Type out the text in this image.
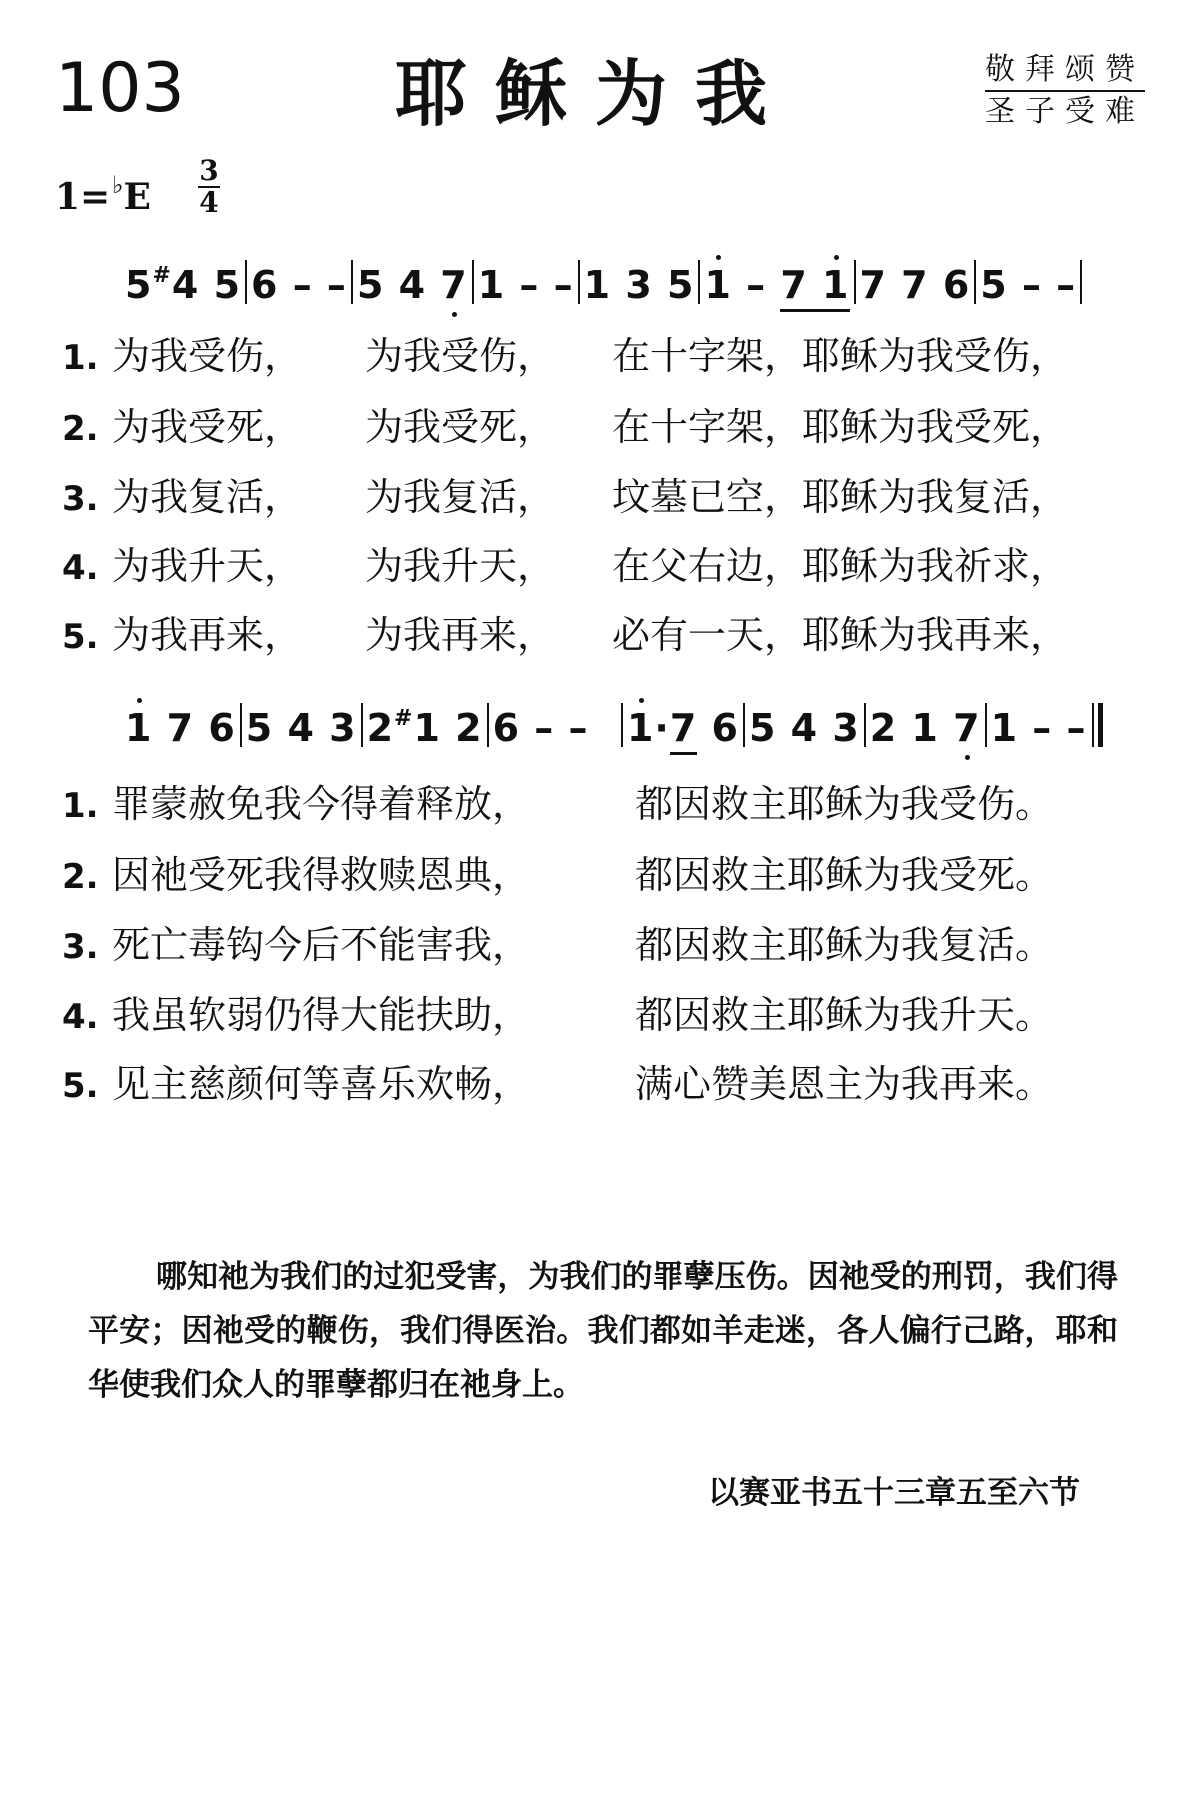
103	耶稣为我	敬拜颂赞
圣子受难
1=♭E
3
4
5#4 5 6 – – 5 4 7 1 – – 1 3 5 1 – 7 1 7 7 6 5 – –
1. 为我受伤， 为我受伤， 在十字架，耶稣为我受伤，
2. 为我受死， 为我受死， 在十字架，耶稣为我受死，
3. 为我复活， 为我复活， 坟墓已空，耶稣为我复活，
4. 为我升天， 为我升天， 在父右边，耶稣为我祈求，
5. 为我再来， 为我再来， 必有一天，耶稣为我再来，
1 7 6 5 4 3 2#1 2 6 – – 1·7 6 5 4 3 2 1 7 1 – –
1. 罪蒙赦免我今得着释放，	都因救主耶稣为我受伤。
2. 因祂受死我得救赎恩典，	都因救主耶稣为我受死。
3. 死亡毒钩今后不能害我，	都因救主耶稣为我复活。
4. 我虽软弱仍得大能扶助，	都因救主耶稣为我升天。
5. 见主慈颜何等喜乐欢畅，	满心赞美恩主为我再来。
哪知祂为我们的过犯受害，为我们的罪孽压伤。因祂受的刑罚，我们得平安；因祂受的鞭伤，我们得医治。我们都如羊走迷，各人偏行己路，耶和华使我们众人的罪孽都归在祂身上。
以赛亚书五十三章五至六节
